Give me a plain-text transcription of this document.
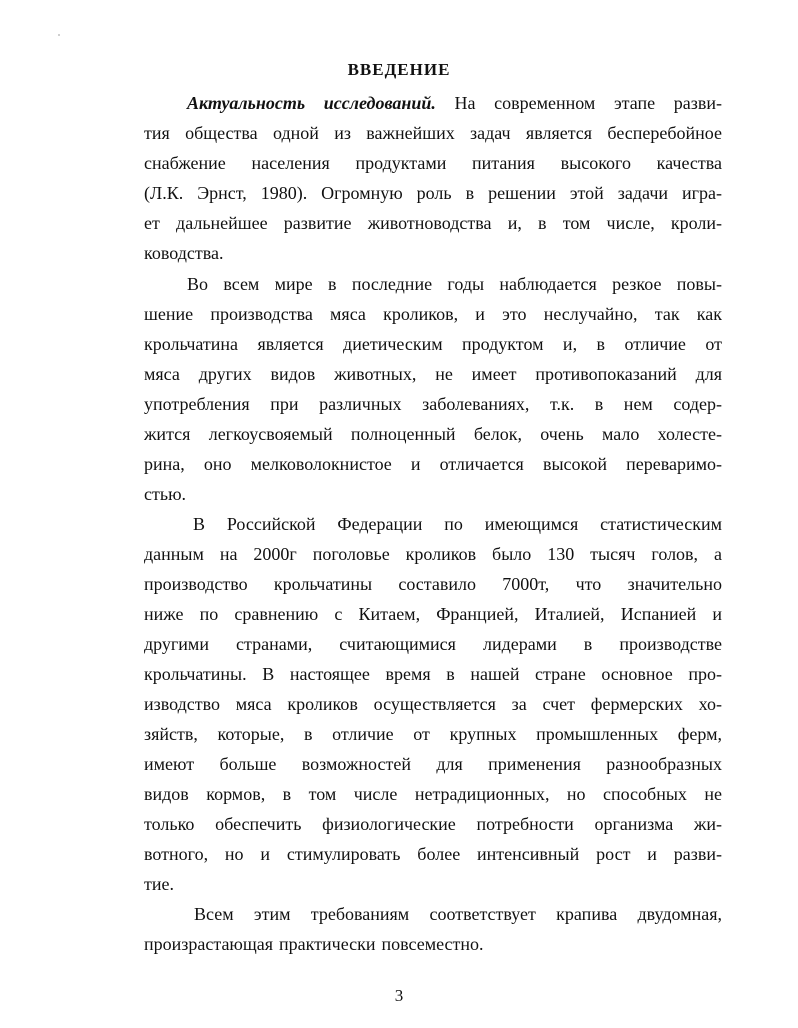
ВВЕДЕНИЕ
Актуальность исследований. На современном этапе разви-
тия общества одной из важнейших задач является бесперебойное
снабжение населения продуктами питания высокого качества
(Л.К. Эрнст, 1980). Огромную роль в решении этой задачи игра-
ет дальнейшее развитие животноводства и, в том числе, кроли-
ководства.
Во всем мире в последние годы наблюдается резкое повы-
шение производства мяса кроликов, и это неслучайно, так как
крольчатина является диетическим продуктом и, в отличие от
мяса других видов животных, не имеет противопоказаний для
употребления при различных заболеваниях, т.к. в нем содер-
жится легкоусвояемый полноценный белок, очень мало холесте-
рина, оно мелковолокнистое и отличается высокой переваримо-
стью.
В Российской Федерации по имеющимся статистическим
данным на 2000г поголовье кроликов было 130 тысяч голов, а
производство крольчатины составило 7000т, что значительно
ниже по сравнению с Китаем, Францией, Италией, Испанией и
другими странами, считающимися лидерами в производстве
крольчатины. В настоящее время в нашей стране основное про-
изводство мяса кроликов осуществляется за счет фермерских хо-
зяйств, которые, в отличие от крупных промышленных ферм,
имеют больше возможностей для применения разнообразных
видов кормов, в том числе нетрадиционных, но способных не
только обеспечить физиологические потребности организма жи-
вотного, но и стимулировать более интенсивный рост и разви-
тие.
Всем этим требованиям соответствует крапива двудомная,
произрастающая практически повсеместно.
3
